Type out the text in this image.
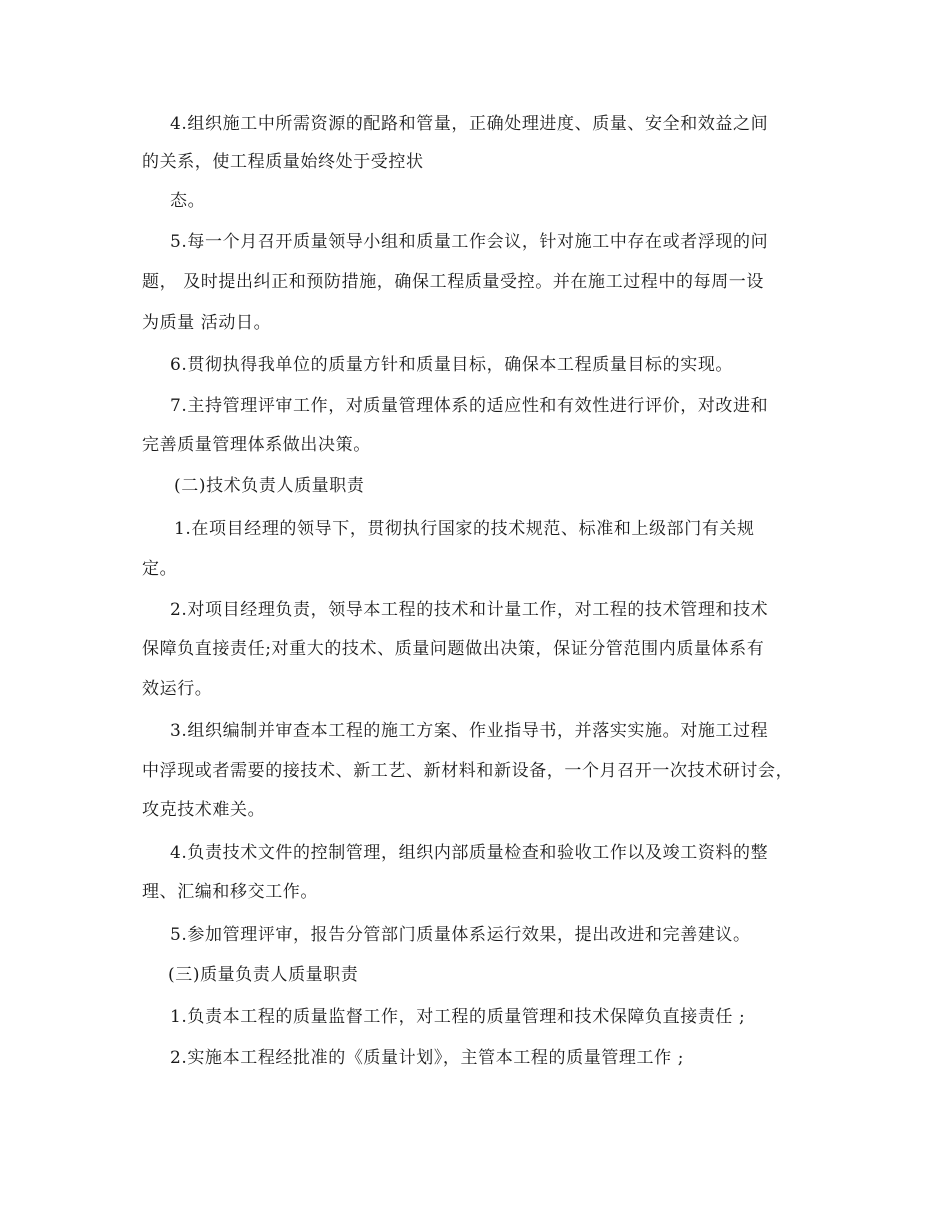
4.组织施工中所需资源的配路和管量，正确处理进度、质量、安全和效益之间
的关系，使工程质量始终处于受控状
态。
5.每一个月召开质量领导小组和质量工作会议，针对施工中存在或者浮现的问
题， 及时提出纠正和预防措施，确保工程质量受控。并在施工过程中的每周一设
为质量 活动日。
6.贯彻执得我单位的质量方针和质量目标，确保本工程质量目标的实现。
7.主持管理评审工作，对质量管理体系的适应性和有效性进行评价，对改进和
完善质量管理体系做出决策。
(二)技术负责人质量职责
1.在项目经理的领导下，贯彻执行国家的技术规范、标准和上级部门有关规
定。
2.对项目经理负责，领导本工程的技术和计量工作，对工程的技术管理和技术
保障负直接责任;对重大的技术、质量问题做出决策，保证分管范围内质量体系有
效运行。
3.组织编制并审查本工程的施工方案、作业指导书，并落实实施。对施工过程
中浮现或者需要的接技术、新工艺、新材料和新设备，一个月召开一次技术研讨会，
攻克技术难关。
4.负责技术文件的控制管理，组织内部质量检查和验收工作以及竣工资料的整
理、汇编和移交工作。
5.参加管理评审，报告分管部门质量体系运行效果，提出改进和完善建议。
(三)质量负责人质量职责
1.负责本工程的质量监督工作，对工程的质量管理和技术保障负直接责任 ;
2.实施本工程经批准的《质量计划》，主管本工程的质量管理工作 ;
